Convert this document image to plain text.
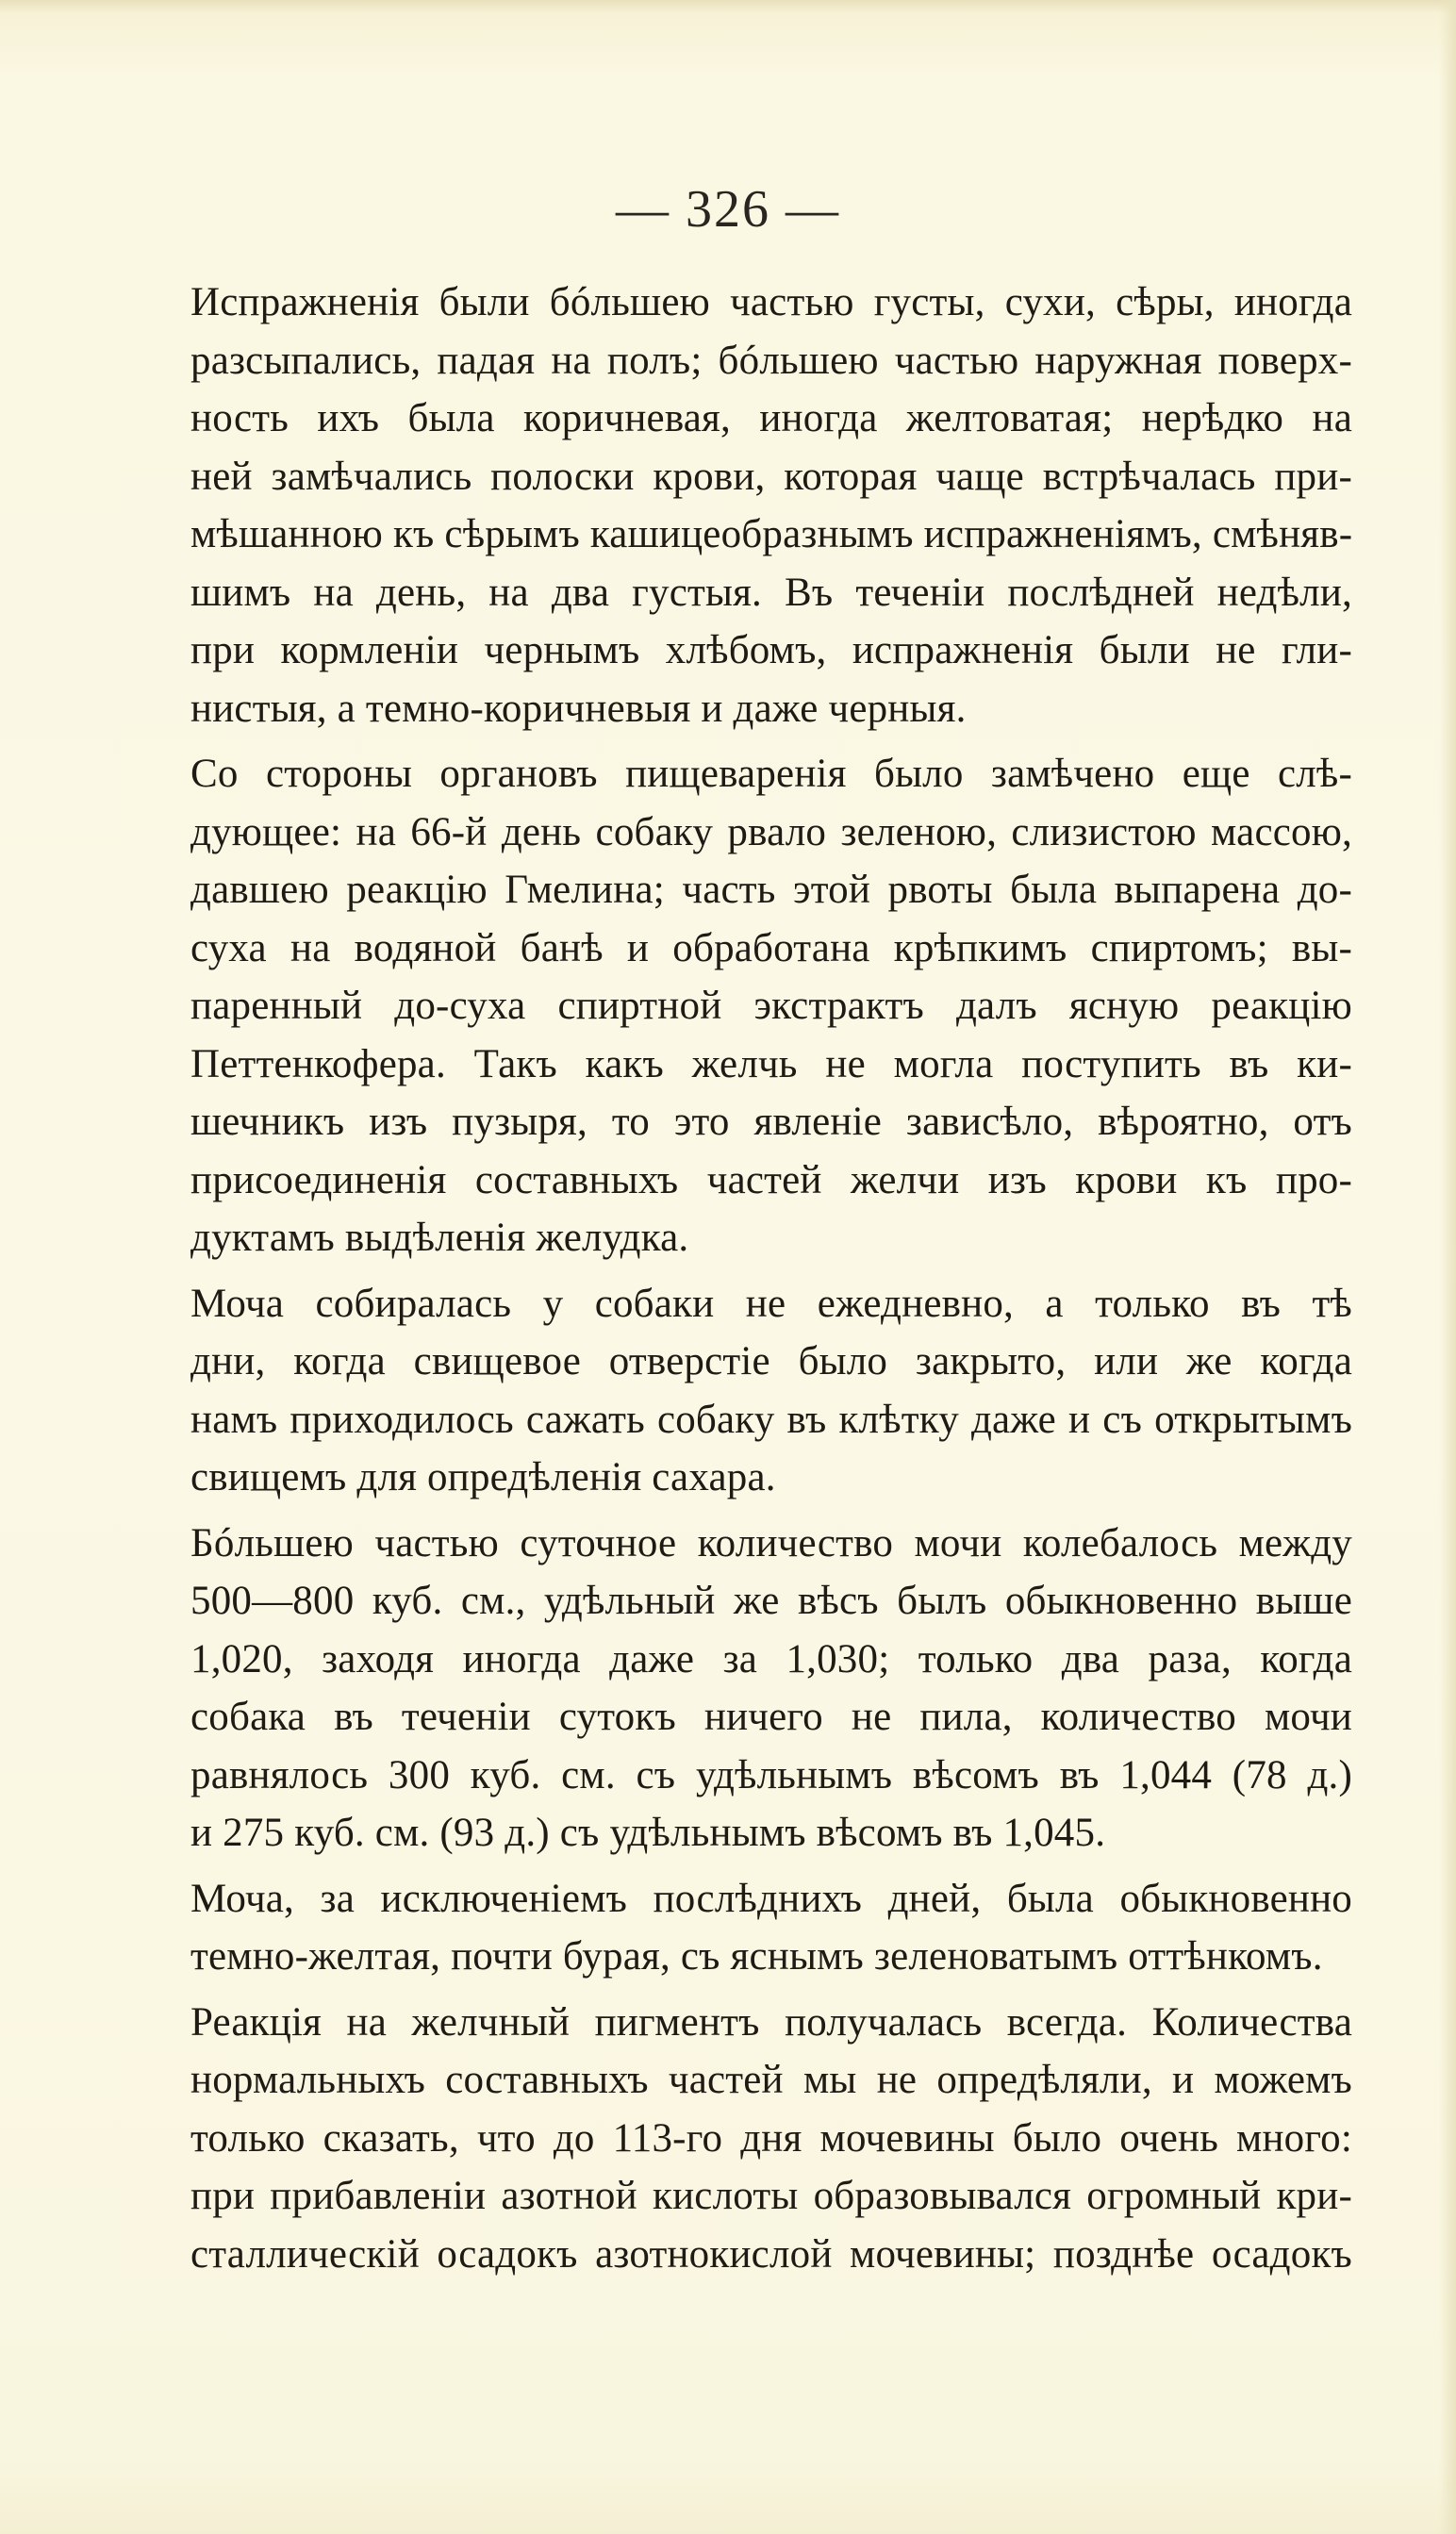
— 326 —
Испражненія были бóльшею частью густы, сухи, сѣры, иногда
разсыпались, падая на полъ; бóльшею частью наружная поверх-
ность ихъ была коричневая, иногда желтоватая; нерѣдко на
ней замѣчались полоски крови, которая чаще встрѣчалась при-
мѣшанною къ сѣрымъ кашицеобразнымъ испражненіямъ, смѣняв-
шимъ на день, на два густыя. Въ теченіи послѣдней недѣли,
при кормленіи чернымъ хлѣбомъ, испражненія были не гли-
нистыя, а темно-коричневыя и даже черныя.
Со стороны органовъ пищеваренія было замѣчено еще слѣ-
дующее: на 66-й день собаку рвало зеленою, слизистою массою,
давшею реакцію Гмелина; часть этой рвоты была выпарена до-
суха на водяной банѣ и обработана крѣпкимъ спиртомъ; вы-
паренный до-суха спиртной экстрактъ далъ ясную реакцію
Петтенкофера. Такъ какъ желчь не могла поступить въ ки-
шечникъ изъ пузыря, то это явленіе зависѣло, вѣроятно, отъ
присоединенія составныхъ частей желчи изъ крови къ про-
дуктамъ выдѣленія желудка.
Моча собиралась у собаки не ежедневно, а только въ тѣ
дни, когда свищевое отверстіе было закрыто, или же когда
намъ приходилось сажать собаку въ клѣтку даже и съ открытымъ
свищемъ для опредѣленія сахара.
Бóльшею частью суточное количество мочи колебалось между
500—800 куб. см., удѣльный же вѣсъ былъ обыкновенно выше
1,020, заходя иногда даже за 1,030; только два раза, когда
собака въ теченіи сутокъ ничего не пила, количество мочи
равнялось 300 куб. см. съ удѣльнымъ вѣсомъ въ 1,044 (78 д.)
и 275 куб. см. (93 д.) съ удѣльнымъ вѣсомъ въ 1,045.
Моча, за исключеніемъ послѣднихъ дней, была обыкновенно
темно-желтая, почти бурая, съ яснымъ зеленоватымъ оттѣнкомъ.
Реакція на желчный пигментъ получалась всегда. Количества
нормальныхъ составныхъ частей мы не опредѣляли, и можемъ
только сказать, что до 113-го дня мочевины было очень много:
при прибавленіи азотной кислоты образовывался огромный кри-
сталлическій осадокъ азотнокислой мочевины; позднѣе осадокъ
